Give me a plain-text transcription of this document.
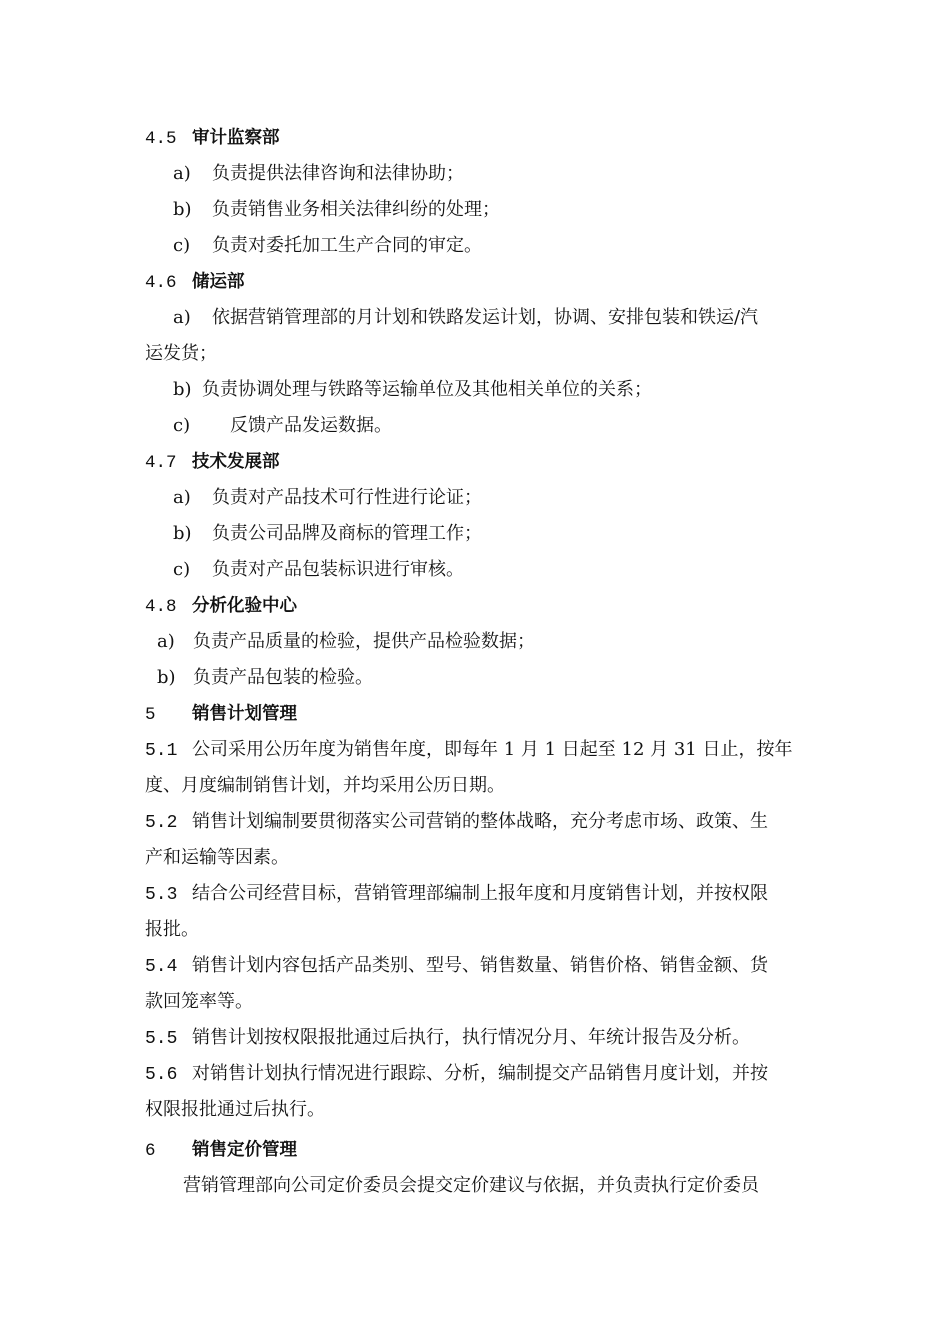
4.5 审计监察部
a) 负责提供法律咨询和法律协助；
b) 负责销售业务相关法律纠纷的处理；
c) 负责对委托加工生产合同的审定。
4.6 储运部
a) 依据营销管理部的月计划和铁路发运计划，协调、安排包装和铁运/汽
运发货；
b) 负责协调处理与铁路等运输单位及其他相关单位的关系；
c) 反馈产品发运数据。
4.7 技术发展部
a) 负责对产品技术可行性进行论证；
b) 负责公司品牌及商标的管理工作；
c) 负责对产品包装标识进行审核。
4.8 分析化验中心
a) 负责产品质量的检验，提供产品检验数据；
b) 负责产品包装的检验。
5 销售计划管理
5.1 公司采用公历年度为销售年度，即每年 1 月 1 日起至 12 月 31 日止，按年
度、月度编制销售计划，并均采用公历日期。
5.2 销售计划编制要贯彻落实公司营销的整体战略，充分考虑市场、政策、生
产和运输等因素。
5.3 结合公司经营目标，营销管理部编制上报年度和月度销售计划，并按权限
报批。
5.4 销售计划内容包括产品类别、型号、销售数量、销售价格、销售金额、货
款回笼率等。
5.5 销售计划按权限报批通过后执行，执行情况分月、年统计报告及分析。
5.6 对销售计划执行情况进行跟踪、分析，编制提交产品销售月度计划，并按
权限报批通过后执行。
6 销售定价管理
营销管理部向公司定价委员会提交定价建议与依据，并负责执行定价委员
